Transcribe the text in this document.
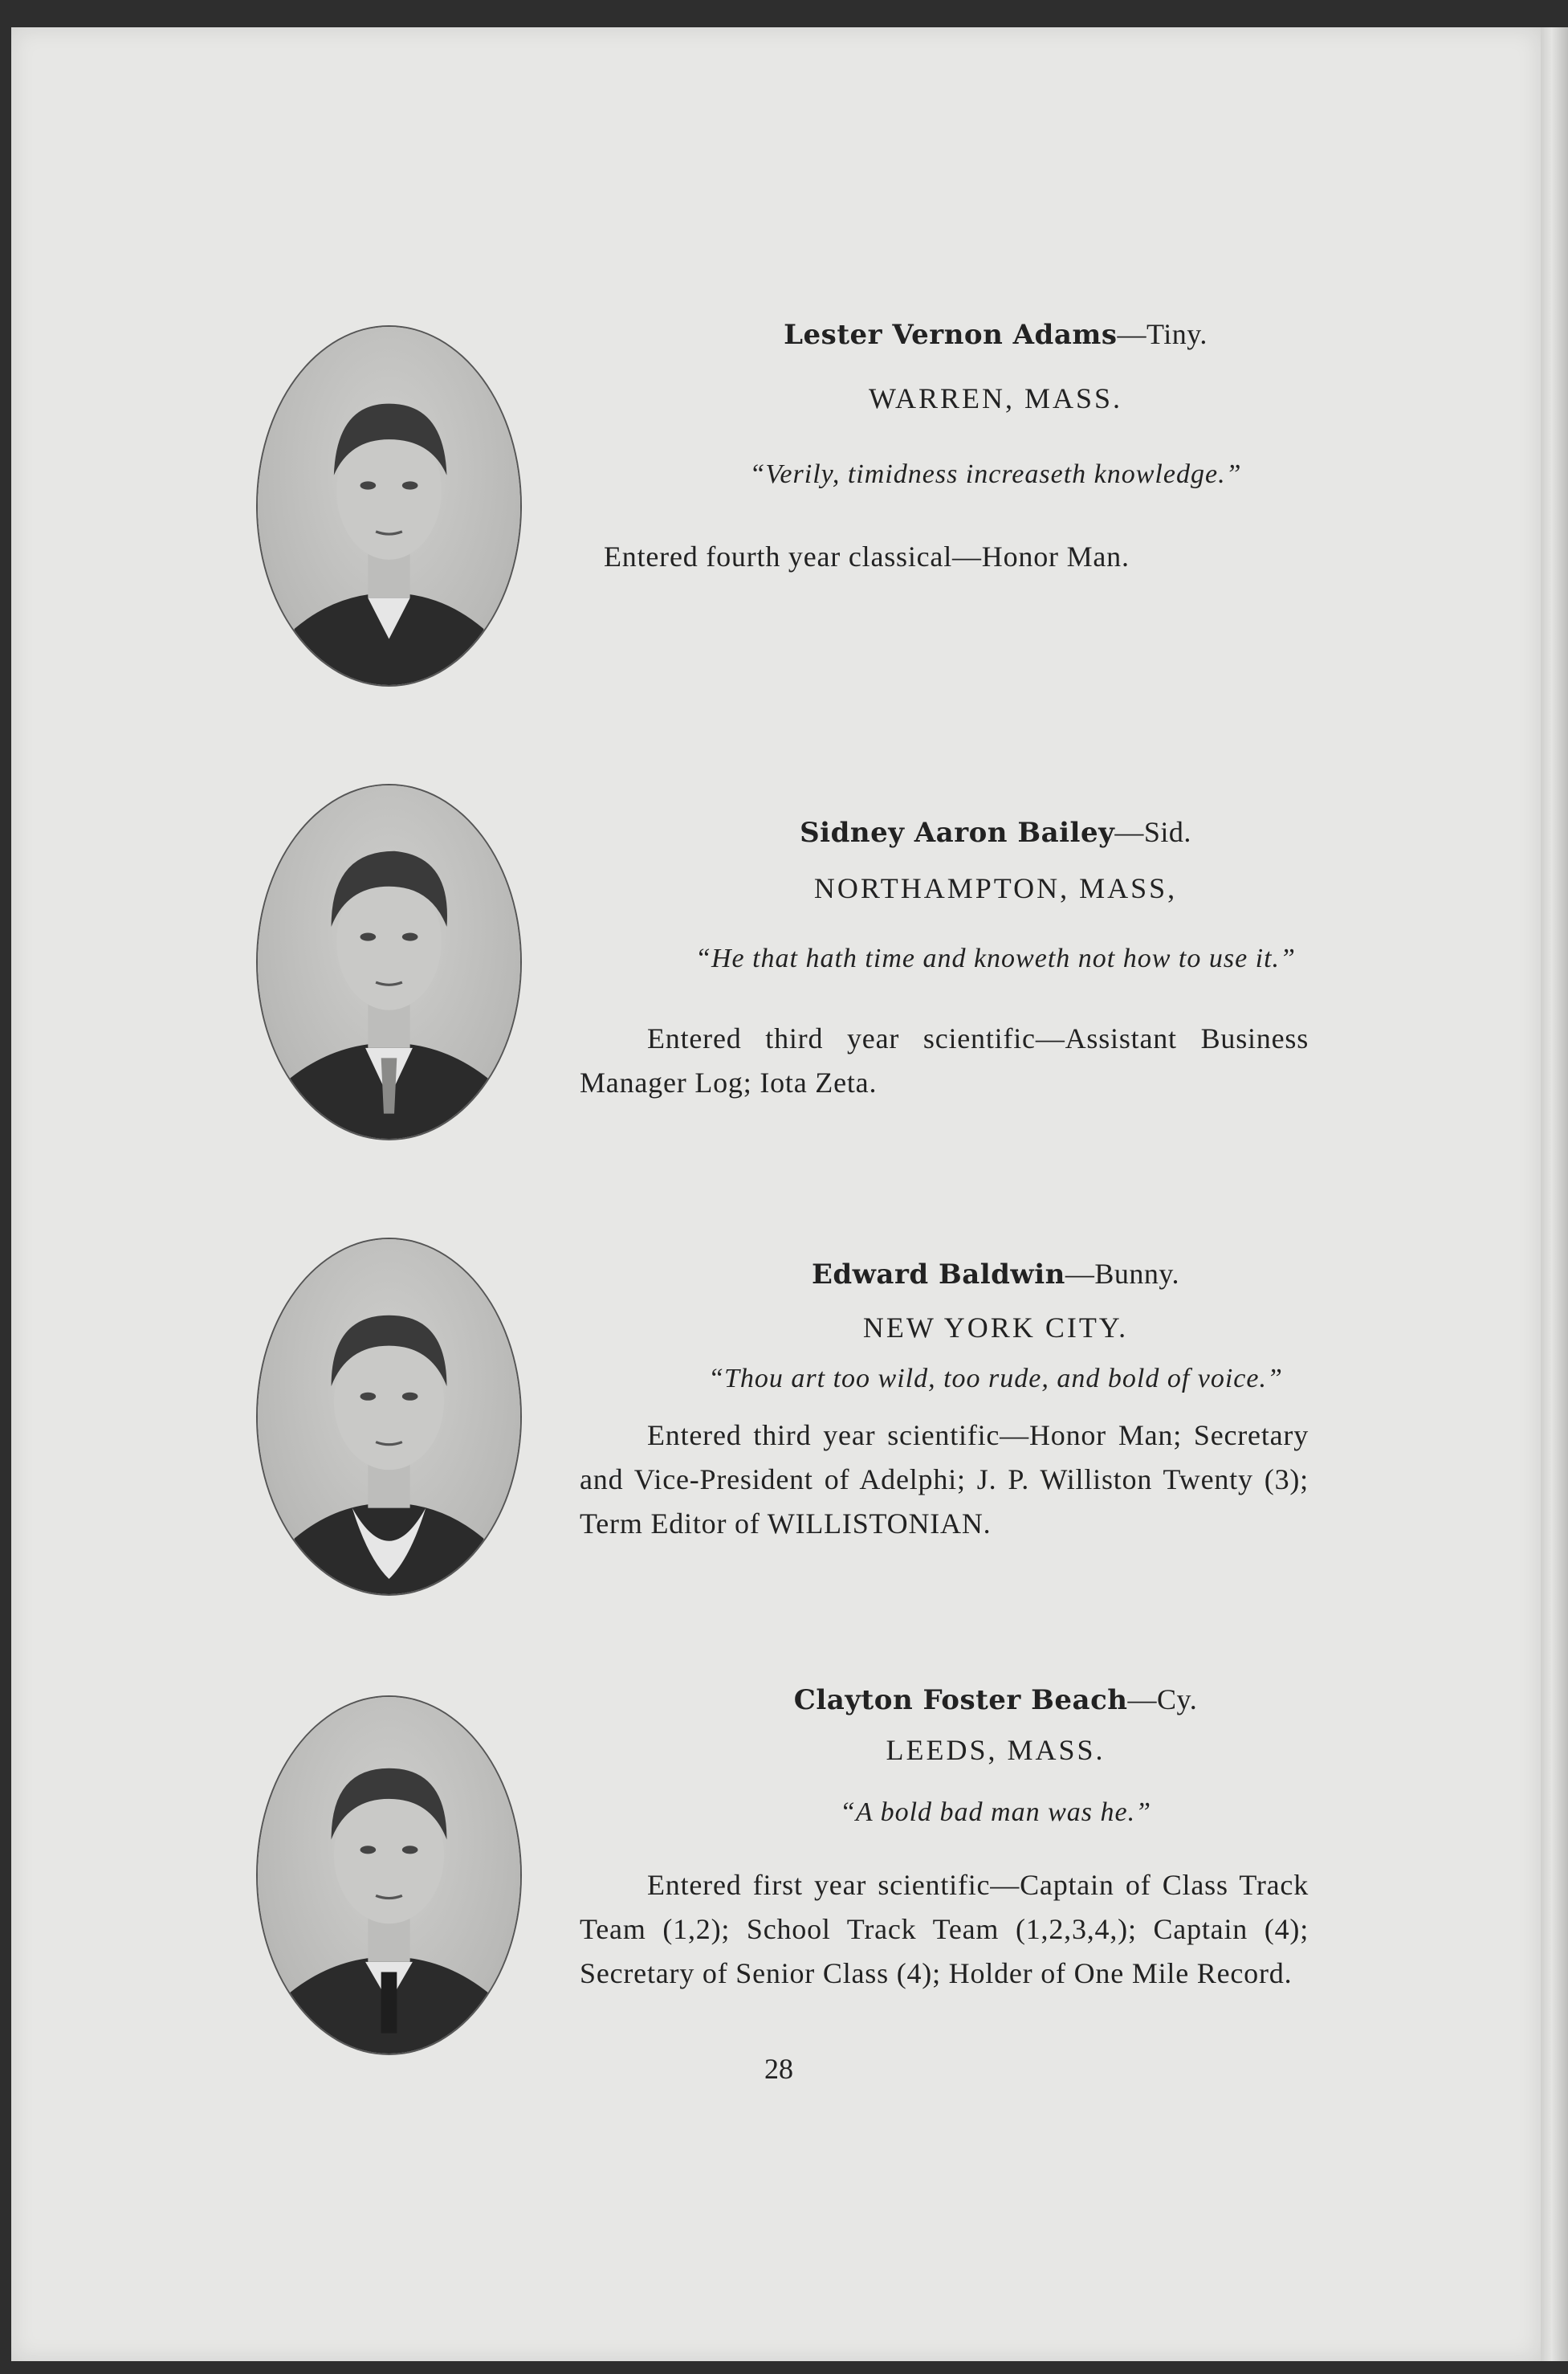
Lester Vernon Adams—Tiny.
WARREN, MASS.
“Verily, timidness increaseth knowledge.”
Entered fourth year classical—Honor Man.
Sidney Aaron Bailey—Sid.
NORTHAMPTON, MASS,
“He that hath time and knoweth not how to use it.”
Entered third year scientific—Assistant Business Manager Log; Iota Zeta.
Edward Baldwin—Bunny.
NEW YORK CITY.
“Thou art too wild, too rude, and bold of voice.”
Entered third year scientific—Honor Man; Secretary and Vice-President of Adelphi; J. P. Williston Twenty (3); Term Editor of WILLISTONIAN.
Clayton Foster Beach—Cy.
LEEDS, MASS.
“A bold bad man was he.”
Entered first year scientific—Captain of Class Track Team (1,2); School Track Team (1,2,3,4,); Captain (4); Secretary of Senior Class (4); Holder of One Mile Record.
28
